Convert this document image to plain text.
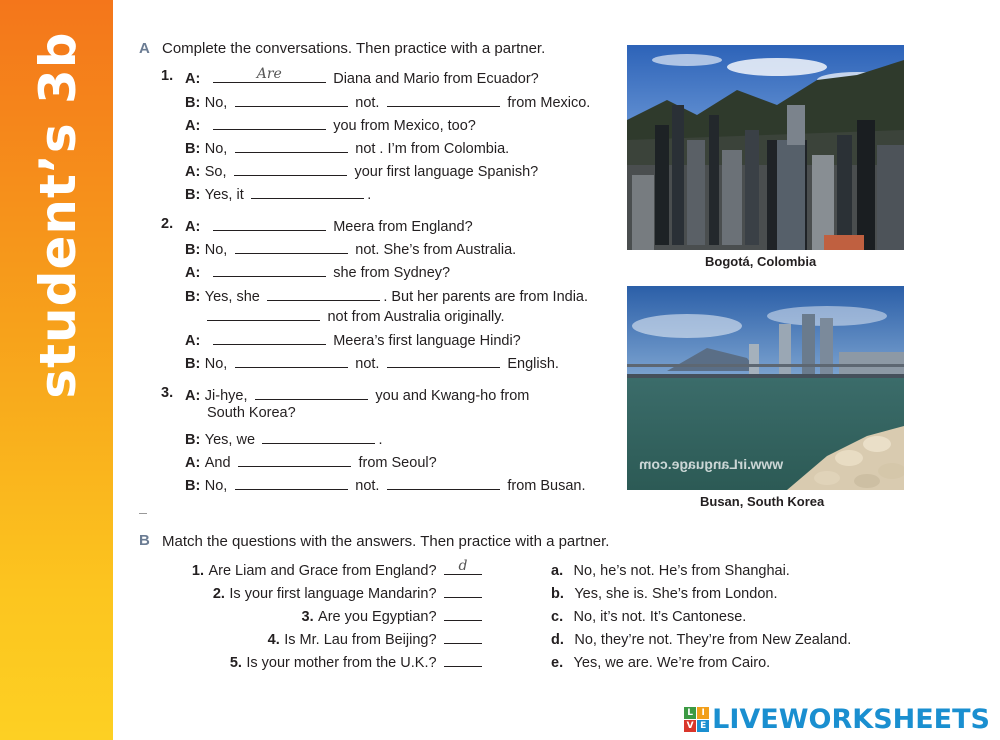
student’s 3b	A Complete the conversations. Then practice with a partner.
1. A:	Are	Diana and Mario from Ecuador?
B: No,	not.	from Mexico.
A:	you from Mexico, too?
B: No,	not . I’m from Colombia.
A: So,	your first language Spanish?
B: Yes, it	.
2. A:	Meera from England?
B: No,	not. She’s from Australia.
A:	she from Sydney?
B: Yes, she	. But her parents are from India.
not from Australia originally.
A:	Meera’s first language Hindi?
B: No,	not.	English.
3. A: Ji-hye,	you and Kwang-ho from
South Korea?
B: Yes, we	.
A: And	from Seoul?
B: No,	not.	from Busan.
Bogotá, Colombia
www.irLanguage.com
Busan, South Korea
B Match the questions with the answers. Then practice with a partner.
1. Are Liam and Grace from England?	d
2. Is your first language Mandarin?
3. Are you Egyptian?
4. Is Mr. Lau from Beijing?
5. Is your mother from the U.K.?
a. No, he’s not. He’s from Shanghai.
b. Yes, she is. She’s from London.
c. No, it’s not. It’s Cantonese.
d. No, they’re not. They’re from New Zealand.
e. Yes, we are. We’re from Cairo.
L I
V E LIVEWORKSHEETS
